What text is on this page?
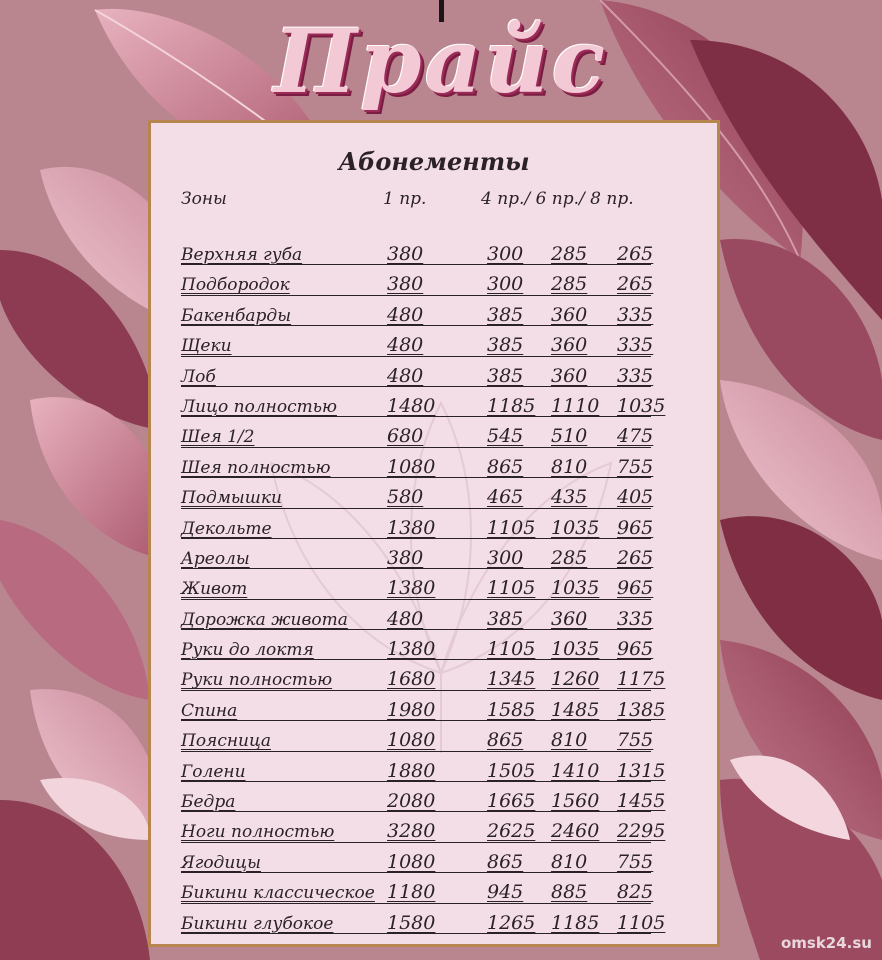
Прайс
Абонементы
Зоны	1 пр.	4 пр./ 6 пр./ 8 пр.
Верхняя губа	380	300 285 265
Подбородок	380	300 285 265
Бакенбарды	480	385 360 335
Щеки	480	385 360 335
Лоб	480	385 360 335
Лицо полностью	1480	1185 1110 1035
Шея 1/2	680	545 510 475
Шея полностью	1080	865 810 755
Подмышки	580	465 435 405
Декольте	1380	1105 1035 965
Ареолы	380	300 285 265
Живот	1380	1105 1035 965
Дорожка живота 480	385 360 335
Руки до локтя	1380	1105 1035 965
Руки полностью	1680	1345 1260 1175
Спина	1980	1585 1485 1385
Поясница	1080	865 810 755
Голени	1880	1505 1410 1315
Бедра	2080	1665 1560 1455
Ноги полностью	3280	2625 2460 2295
Ягодицы	1080	865 810 755
Бикини классическое 1180	945 885 825
Бикини глубокое	1580	1265 1185 1105
omsk24.su
